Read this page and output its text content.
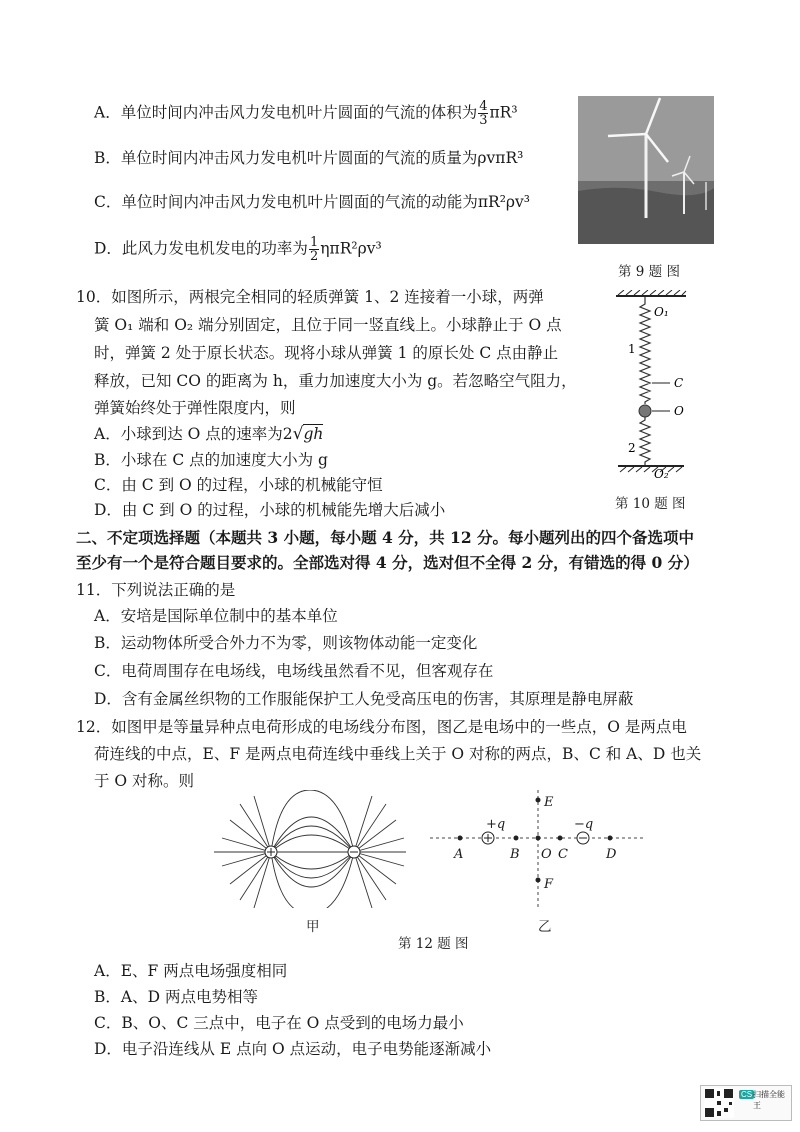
A．单位时间内冲击风力发电机叶片圆面的气流的体积为 $\frac{4}{3} \pi R^3$
B．单位时间内冲击风力发电机叶片圆面的气流的质量为ρvπR³
C．单位时间内冲击风力发电机叶片圆面的气流的动能为πR²ρv³
D．此风力发电机发电的功率为 $\frac{1}{2} \eta\pi R^2\rho v^3$
第 9 题 图
10．如图所示，两根完全相同的轻质弹簧 1、2 连接着一小球，两弹
簧 O₁ 端和 O₂ 端分别固定，且位于同一竖直线上。小球静止于 O 点
时，弹簧 2 处于原长状态。现将小球从弹簧 1 的原长处 C 点由静止
释放，已知 CO 的距离为 h，重力加速度大小为 g。若忽略空气阻力，
弹簧始终处于弹性限度内，则
A．小球到达 O 点的速率为2√gh
B．小球在 C 点的加速度大小为 g
C．由 C 到 O 的过程，小球的机械能守恒
D．由 C 到 O 的过程，小球的机械能先增大后减小
O₁
1
2
C
O
O₂
第 10 题 图
二、不定项选择题（本题共 3 小题，每小题 4 分，共 12 分。每小题列出的四个备选项中
至少有一个是符合题目要求的。全部选对得 4 分，选对但不全得 2 分，有错选的得 0 分）
11．下列说法正确的是
A．安培是国际单位制中的基本单位
B．运动物体所受合外力不为零，则该物体动能一定变化
C．电荷周围存在电场线，电场线虽然看不见，但客观存在
D．含有金属丝织物的工作服能保护工人免受高压电的伤害，其原理是静电屏蔽
12．如图甲是等量异种点电荷形成的电场线分布图，图乙是电场中的一些点，O 是两点电
荷连线的中点，E、F 是两点电荷连线中垂线上关于 O 对称的两点，B、C 和 A、D 也关
于 O 对称。则
甲
+q	−q
A	B O C	D
E
F
乙
第 12 题 图
A．E、F 两点电场强度相同
B．A、D 两点电势相等
C．B、O、C 三点中，电子在 O 点受到的电场力最小
D．电子沿连线从 E 点向 O 点运动，电子电势能逐渐减小
CS 扫描全能王
